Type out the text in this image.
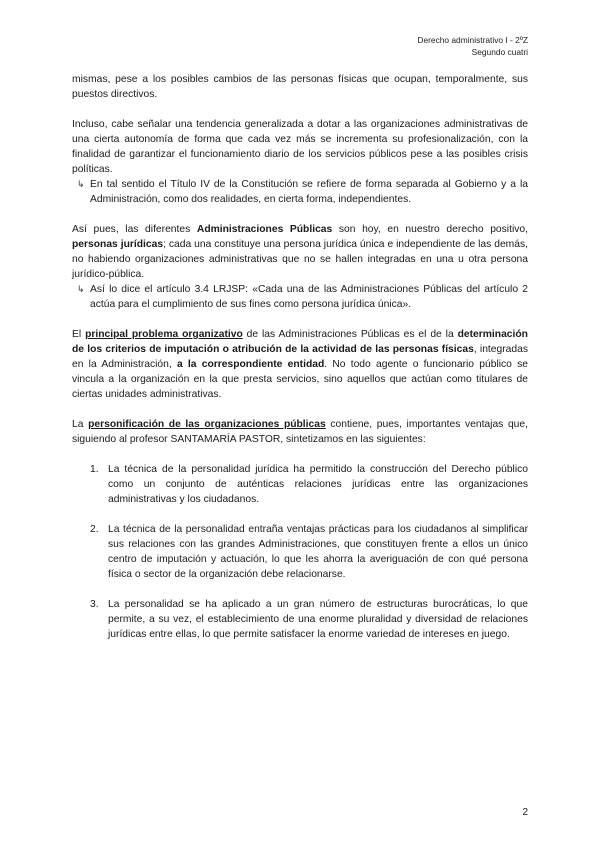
Derecho administrativo I - 2ºZ
Segundo cuatri

mismas, pese a los posibles cambios de las personas físicas que ocupan, temporalmente, sus puestos directivos.

Incluso, cabe señalar una tendencia generalizada a dotar a las organizaciones administrativas de una cierta autonomía de forma que cada vez más se incrementa su profesionalización, con la finalidad de garantizar el funcionamiento diario de los servicios públicos pese a las posibles crisis políticas.

↳ En tal sentido el Título IV de la Constitución se refiere de forma separada al Gobierno y a la Administración, como dos realidades, en cierta forma, independientes.

Así pues, las diferentes Administraciones Públicas son hoy, en nuestro derecho positivo, personas jurídicas; cada una constituye una persona jurídica única e independiente de las demás, no habiendo organizaciones administrativas que no se hallen integradas en una u otra persona jurídico-pública.

↳ Así lo dice el artículo 3.4 LRJSP: «Cada una de las Administraciones Públicas del artículo 2 actúa para el cumplimiento de sus fines como persona jurídica única».

El principal problema organizativo de las Administraciones Públicas es el de la determinación de los criterios de imputación o atribución de la actividad de las personas físicas, integradas en la Administración, a la correspondiente entidad. No todo agente o funcionario público se vincula a la organización en la que presta servicios, sino aquellos que actúan como titulares de ciertas unidades administrativas.

La personificación de las organizaciones públicas contiene, pues, importantes ventajas que, siguiendo al profesor SANTAMARÍA PASTOR, sintetizamos en las siguientes:

1. La técnica de la personalidad jurídica ha permitido la construcción del Derecho público como un conjunto de auténticas relaciones jurídicas entre las organizaciones administrativas y los ciudadanos.
2. La técnica de la personalidad entraña ventajas prácticas para los ciudadanos al simplificar sus relaciones con las grandes Administraciones, que constituyen frente a ellos un único centro de imputación y actuación, lo que les ahorra la averiguación de con qué persona física o sector de la organización debe relacionarse.
3. La personalidad se ha aplicado a un gran número de estructuras burocráticas, lo que permite, a su vez, el establecimiento de una enorme pluralidad y diversidad de relaciones jurídicas entre ellas, lo que permite satisfacer la enorme variedad de intereses en juego.
2
